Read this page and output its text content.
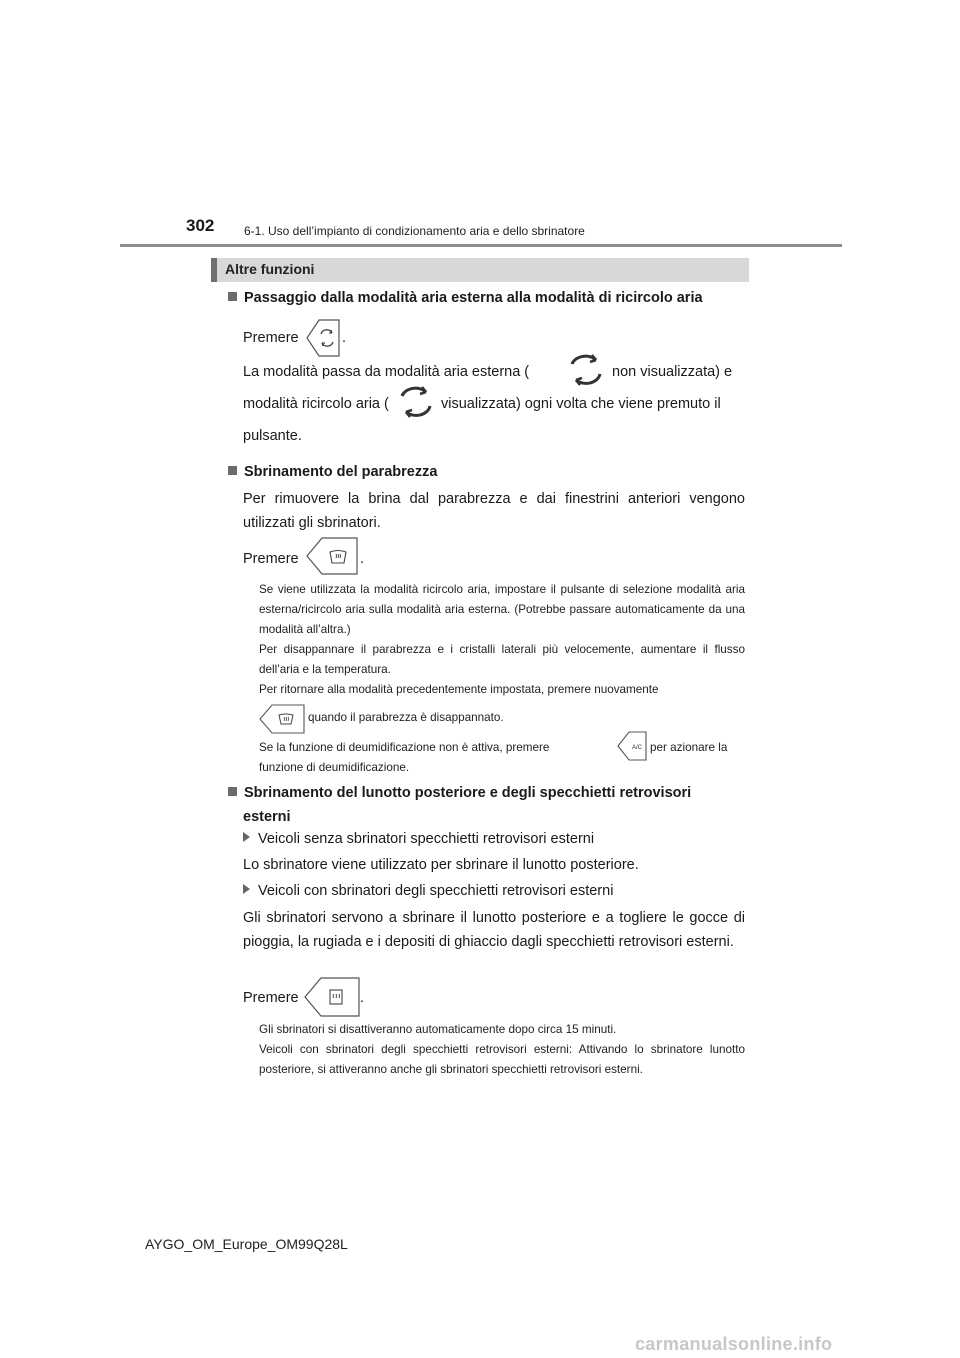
302 6-1. Uso dell’impianto di condizionamento aria e dello sbrinatore
Altre funzioni
Passaggio dalla modalità aria esterna alla modalità di ricircolo aria
Premere	.
La modalità passa da modalità aria esterna (	non visualizzata) e
modalità ricircolo aria (	visualizzata) ogni volta che viene premuto il
pulsante.
Sbrinamento del parabrezza
Per rimuovere la brina dal parabrezza e dai finestrini anteriori vengono utilizzati gli sbrinatori.
Premere	.
Se viene utilizzata la modalità ricircolo aria, impostare il pulsante di selezione modalità aria esterna/ricircolo aria sulla modalità aria esterna. (Potrebbe passare automaticamente da una modalità all’altra.)
Per disappannare il parabrezza e i cristalli laterali più velocemente, aumentare il flusso dell’aria e la temperatura.
Per ritornare alla modalità precedentemente impostata, premere nuovamente
quando il parabrezza è disappannato.
Se la funzione di deumidificazione non è attiva, premere	A/C per azionare la
funzione di deumidificazione.
Sbrinamento del lunotto posteriore e degli specchietti retrovisori
esterni
Veicoli senza sbrinatori specchietti retrovisori esterni
Lo sbrinatore viene utilizzato per sbrinare il lunotto posteriore.
Veicoli con sbrinatori degli specchietti retrovisori esterni
Gli sbrinatori servono a sbrinare il lunotto posteriore e a togliere le gocce di pioggia, la rugiada e i depositi di ghiaccio dagli specchietti retrovisori esterni.
Premere	.
Gli sbrinatori si disattiveranno automaticamente dopo circa 15 minuti.
Veicoli con sbrinatori degli specchietti retrovisori esterni: Attivando lo sbrinatore lunotto posteriore, si attiveranno anche gli sbrinatori specchietti retrovisori esterni.
AYGO_OM_Europe_OM99Q28L
carmanualsonline.info
